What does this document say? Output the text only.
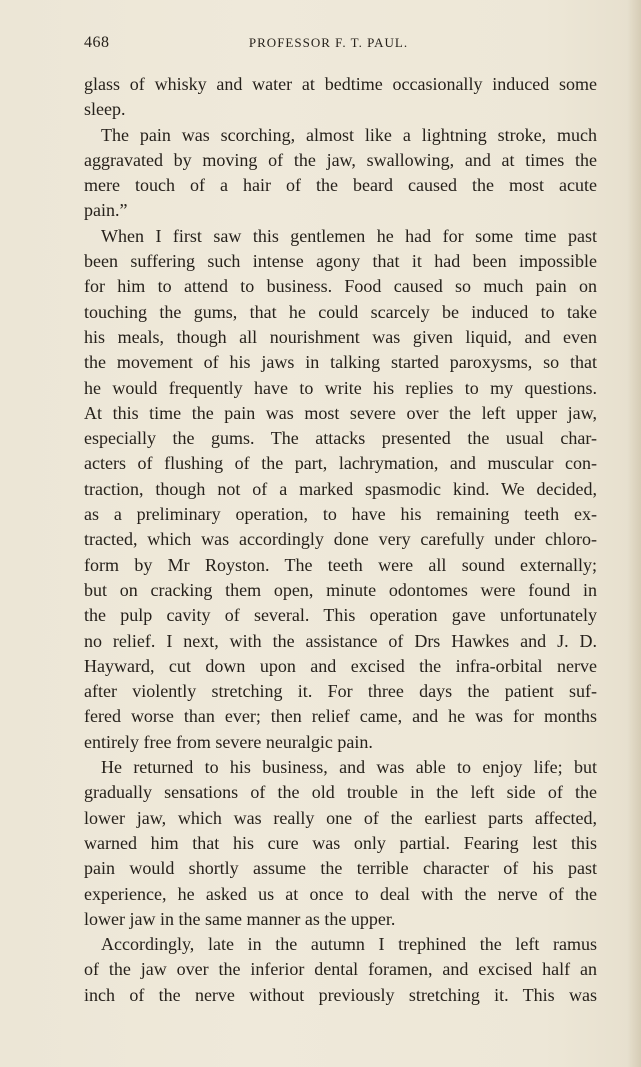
468	PROFESSOR F. T. PAUL.
glass of whisky and water at bedtime occasionally induced some
sleep.
The pain was scorching, almost like a lightning stroke, much
aggravated by moving of the jaw, swallowing, and at times the
mere touch of a hair of the beard caused the most acute
pain.”
When I first saw this gentlemen he had for some time past
been suffering such intense agony that it had been impossible
for him to attend to business. Food caused so much pain on
touching the gums, that he could scarcely be induced to take
his meals, though all nourishment was given liquid, and even
the movement of his jaws in talking started paroxysms, so that
he would frequently have to write his replies to my questions.
At this time the pain was most severe over the left upper jaw,
especially the gums. The attacks presented the usual char-
acters of flushing of the part, lachrymation, and muscular con-
traction, though not of a marked spasmodic kind. We decided,
as a preliminary operation, to have his remaining teeth ex-
tracted, which was accordingly done very carefully under chloro-
form by Mr Royston. The teeth were all sound externally;
but on cracking them open, minute odontomes were found in
the pulp cavity of several. This operation gave unfortunately
no relief. I next, with the assistance of Drs Hawkes and J. D.
Hayward, cut down upon and excised the infra-orbital nerve
after violently stretching it. For three days the patient suf-
fered worse than ever; then relief came, and he was for months
entirely free from severe neuralgic pain.
He returned to his business, and was able to enjoy life; but
gradually sensations of the old trouble in the left side of the
lower jaw, which was really one of the earliest parts affected,
warned him that his cure was only partial. Fearing lest this
pain would shortly assume the terrible character of his past
experience, he asked us at once to deal with the nerve of the
lower jaw in the same manner as the upper.
Accordingly, late in the autumn I trephined the left ramus
of the jaw over the inferior dental foramen, and excised half an
inch of the nerve without previously stretching it. This was
